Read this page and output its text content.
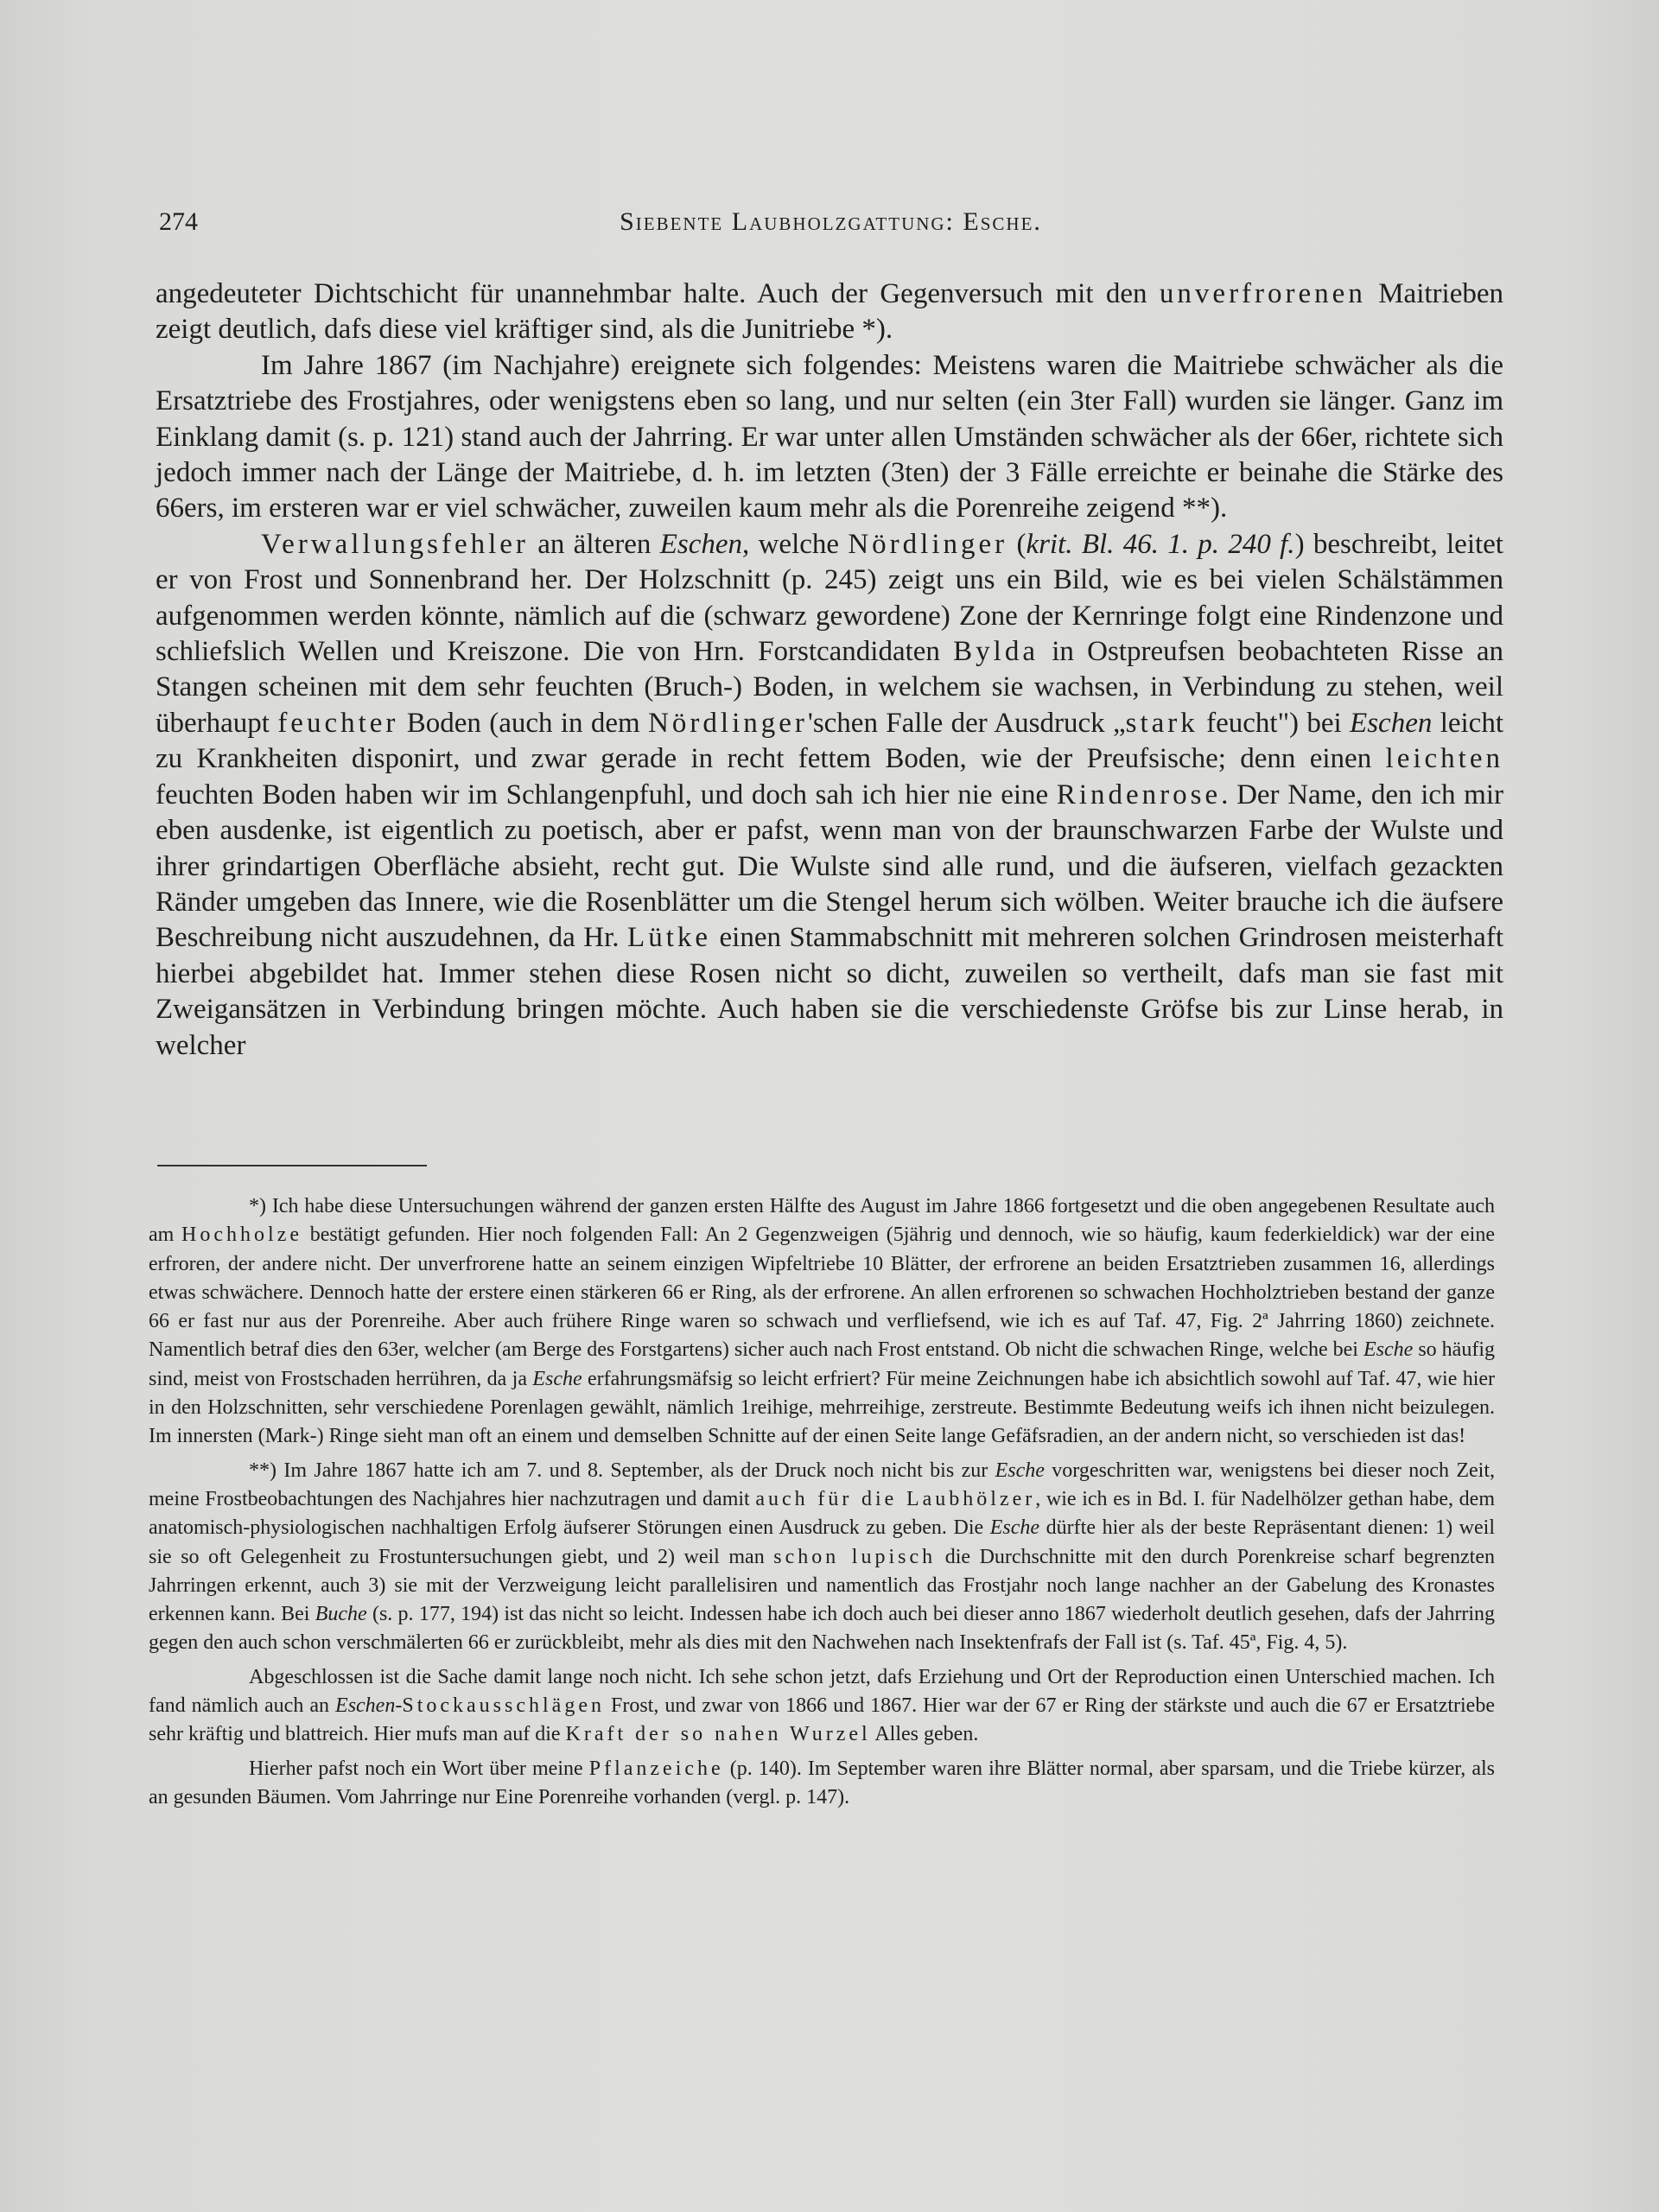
274	Siebente Laubholzgattung: Esche.

angedeuteter Dichtschicht für unannehmbar halte. Auch der Gegenversuch mit den unverfrorenen Maitrieben zeigt deutlich, dafs diese viel kräftiger sind, als die Junitriebe *).

Im Jahre 1867 (im Nachjahre) ereignete sich folgendes: Meistens waren die Maitriebe schwächer als die Ersatztriebe des Frostjahres, oder wenigstens eben so lang, und nur selten (ein 3ter Fall) wurden sie länger. Ganz im Einklang damit (s. p. 121) stand auch der Jahrring. Er war unter allen Umständen schwächer als der 66er, richtete sich jedoch immer nach der Länge der Maitriebe, d. h. im letzten (3ten) der 3 Fälle erreichte er beinahe die Stärke des 66ers, im ersteren war er viel schwächer, zuweilen kaum mehr als die Porenreihe zeigend **).

Verwallungsfehler an älteren Eschen, welche Nördlinger (krit. Bl. 46. 1. p. 240 f.) beschreibt, leitet er von Frost und Sonnenbrand her. Der Holzschnitt (p. 245) zeigt uns ein Bild, wie es bei vielen Schälstämmen aufgenommen werden könnte, nämlich auf die (schwarz gewordene) Zone der Kernringe folgt eine Rindenzone und schliefslich Wellen und Kreiszone. Die von Hrn. Forstcandidaten Bylda in Ostpreufsen beobachteten Risse an Stangen scheinen mit dem sehr feuchten (Bruch-) Boden, in welchem sie wachsen, in Verbindung zu stehen, weil überhaupt feuchter Boden (auch in dem Nördlinger'schen Falle der Ausdruck „stark feucht") bei Eschen leicht zu Krankheiten disponirt, und zwar gerade in recht fettem Boden, wie der Preufsische; denn einen leichten feuchten Boden haben wir im Schlangenpfuhl, und doch sah ich hier nie eine Rindenrose. Der Name, den ich mir eben ausdenke, ist eigentlich zu poetisch, aber er pafst, wenn man von der braunschwarzen Farbe der Wulste und ihrer grindartigen Oberfläche absieht, recht gut. Die Wulste sind alle rund, und die äufseren, vielfach gezackten Ränder umgeben das Innere, wie die Rosenblätter um die Stengel herum sich wölben. Weiter brauche ich die äufsere Beschreibung nicht auszudehnen, da Hr. Lütke einen Stammabschnitt mit mehreren solchen Grindrosen meisterhaft hierbei abgebildet hat. Immer stehen diese Rosen nicht so dicht, zuweilen so vertheilt, dafs man sie fast mit Zweigansätzen in Verbindung bringen möchte. Auch haben sie die verschiedenste Gröfse bis zur Linse herab, in welcher

*) Ich habe diese Untersuchungen während der ganzen ersten Hälfte des August im Jahre 1866 fortgesetzt und die oben angegebenen Resultate auch am Hochholze bestätigt gefunden. Hier noch folgenden Fall: An 2 Gegenzweigen (5jährig und dennoch, wie so häufig, kaum federkieldick) war der eine erfroren, der andere nicht. Der unverfrorene hatte an seinem einzigen Wipfeltriebe 10 Blätter, der erfrorene an beiden Ersatztrieben zusammen 16, allerdings etwas schwächere. Dennoch hatte der erstere einen stärkeren 66 er Ring, als der erfrorene. An allen erfrorenen so schwachen Hochholztrieben bestand der ganze 66 er fast nur aus der Porenreihe. Aber auch frühere Ringe waren so schwach und verfliefsend, wie ich es auf Taf. 47, Fig. 2ª Jahrring 1860) zeichnete. Namentlich betraf dies den 63er, welcher (am Berge des Forstgartens) sicher auch nach Frost entstand. Ob nicht die schwachen Ringe, welche bei Esche so häufig sind, meist von Frostschaden herrühren, da ja Esche erfahrungsmäfsig so leicht erfriert? Für meine Zeichnungen habe ich absichtlich sowohl auf Taf. 47, wie hier in den Holzschnitten, sehr verschiedene Porenlagen gewählt, nämlich 1reihige, mehrreihige, zerstreute. Bestimmte Bedeutung weifs ich ihnen nicht beizulegen. Im innersten (Mark-) Ringe sieht man oft an einem und demselben Schnitte auf der einen Seite lange Gefäfsradien, an der andern nicht, so verschieden ist das!

**) Im Jahre 1867 hatte ich am 7. und 8. September, als der Druck noch nicht bis zur Esche vorgeschritten war, wenigstens bei dieser noch Zeit, meine Frostbeobachtungen des Nachjahres hier nachzutragen und damit auch für die Laubhölzer, wie ich es in Bd. I. für Nadelhölzer gethan habe, dem anatomisch-physiologischen nachhaltigen Erfolg äufserer Störungen einen Ausdruck zu geben. Die Esche dürfte hier als der beste Repräsentant dienen: 1) weil sie so oft Gelegenheit zu Frostuntersuchungen giebt, und 2) weil man schon lupisch die Durchschnitte mit den durch Porenkreise scharf begrenzten Jahrringen erkennt, auch 3) sie mit der Verzweigung leicht parallelisiren und namentlich das Frostjahr noch lange nachher an der Gabelung des Kronastes erkennen kann. Bei Buche (s. p. 177, 194) ist das nicht so leicht. Indessen habe ich doch auch bei dieser anno 1867 wiederholt deutlich gesehen, dafs der Jahrring gegen den auch schon verschmälerten 66 er zurückbleibt, mehr als dies mit den Nachwehen nach Insektenfrafs der Fall ist (s. Taf. 45ª, Fig. 4, 5).

Abgeschlossen ist die Sache damit lange noch nicht. Ich sehe schon jetzt, dafs Erziehung und Ort der Reproduction einen Unterschied machen. Ich fand nämlich auch an Eschen-Stockausschlägen Frost, und zwar von 1866 und 1867. Hier war der 67 er Ring der stärkste und auch die 67 er Ersatztriebe sehr kräftig und blattreich. Hier mufs man auf die Kraft der so nahen Wurzel Alles geben.

Hierher pafst noch ein Wort über meine Pflanzeiche (p. 140). Im September waren ihre Blätter normal, aber sparsam, und die Triebe kürzer, als an gesunden Bäumen. Vom Jahrringe nur Eine Porenreihe vorhanden (vergl. p. 147).
